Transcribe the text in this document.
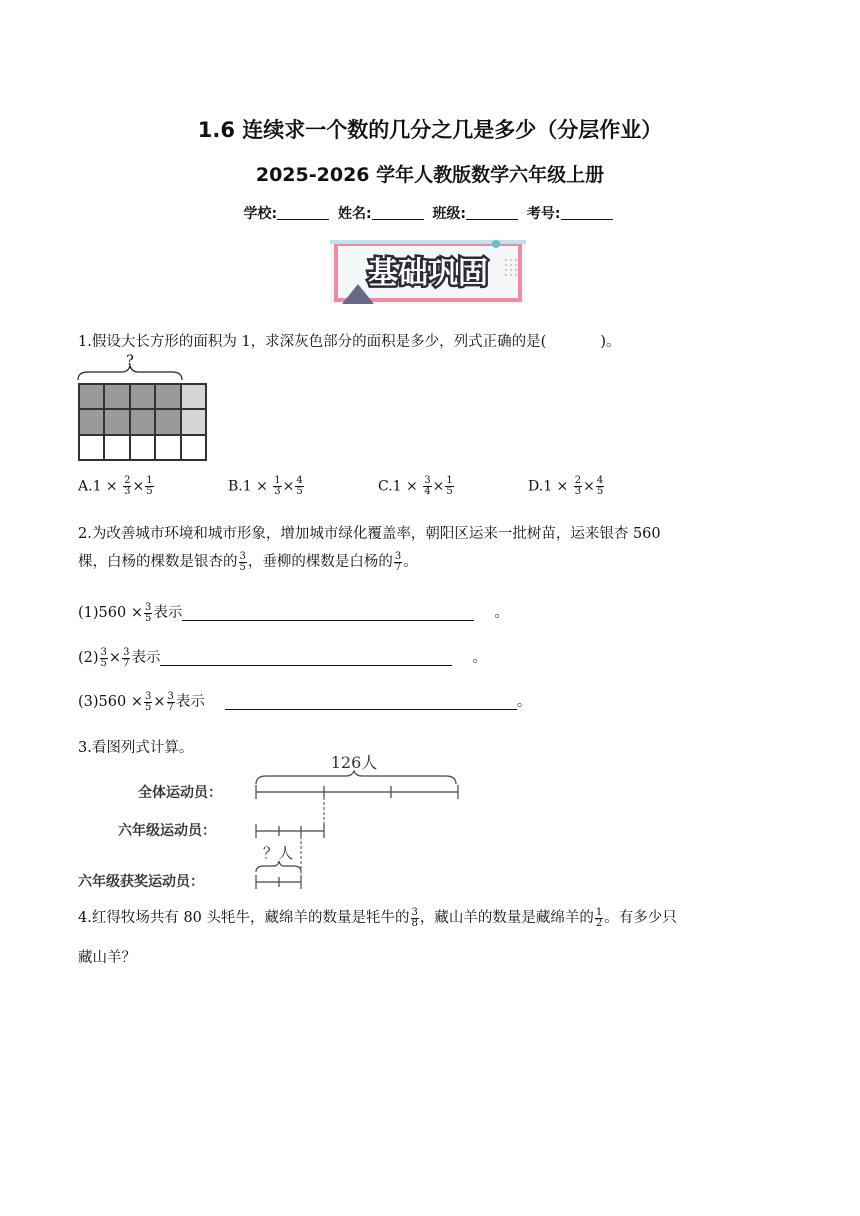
1.6 连续求一个数的几分之几是多少（分层作业）
2025-2026 学年人教版数学六年级上册
学校:	姓名:	班级:	考号:
基础巩固
1.假设大长方形的面积为 1，求深灰色部分的面积是多少，列式正确的是(	)。
?
$A.1 \times \frac{2}{3} \times \frac{1}{5}$	$B.1 \times \frac{1}{3} \times \frac{4}{5}$	$C.1 \times \frac{3}{4} \times \frac{1}{5}$	$D.1 \times \frac{2}{3} \times \frac{4}{5}$
2.为改善城市环境和城市形象，增加城市绿化覆盖率，朝阳区运来一批树苗，运来银杏 560
棵，白杨的棵数是银杏的 $\frac{3}{5}$ ，垂柳的棵数是白杨的 $\frac{3}{7}$ 。
$(1)560 \times \frac{3}{5}$ 表示	。
$(2) \frac{3}{5} \times \frac{3}{7}$ 表示	。
$(3)560 \times \frac{3}{5} \times \frac{3}{7}$ 表示	。
3.看图列式计算。
全体运动员：
六年级运动员：
六年级获奖运动员：
126人
？人
4.红得牧场共有 80 头牦牛，藏绵羊的数量是牦牛的 $\frac{3}{8}$ ，藏山羊的数量是藏绵羊的 $\frac{1}{2}$ 。有多少只
藏山羊？
